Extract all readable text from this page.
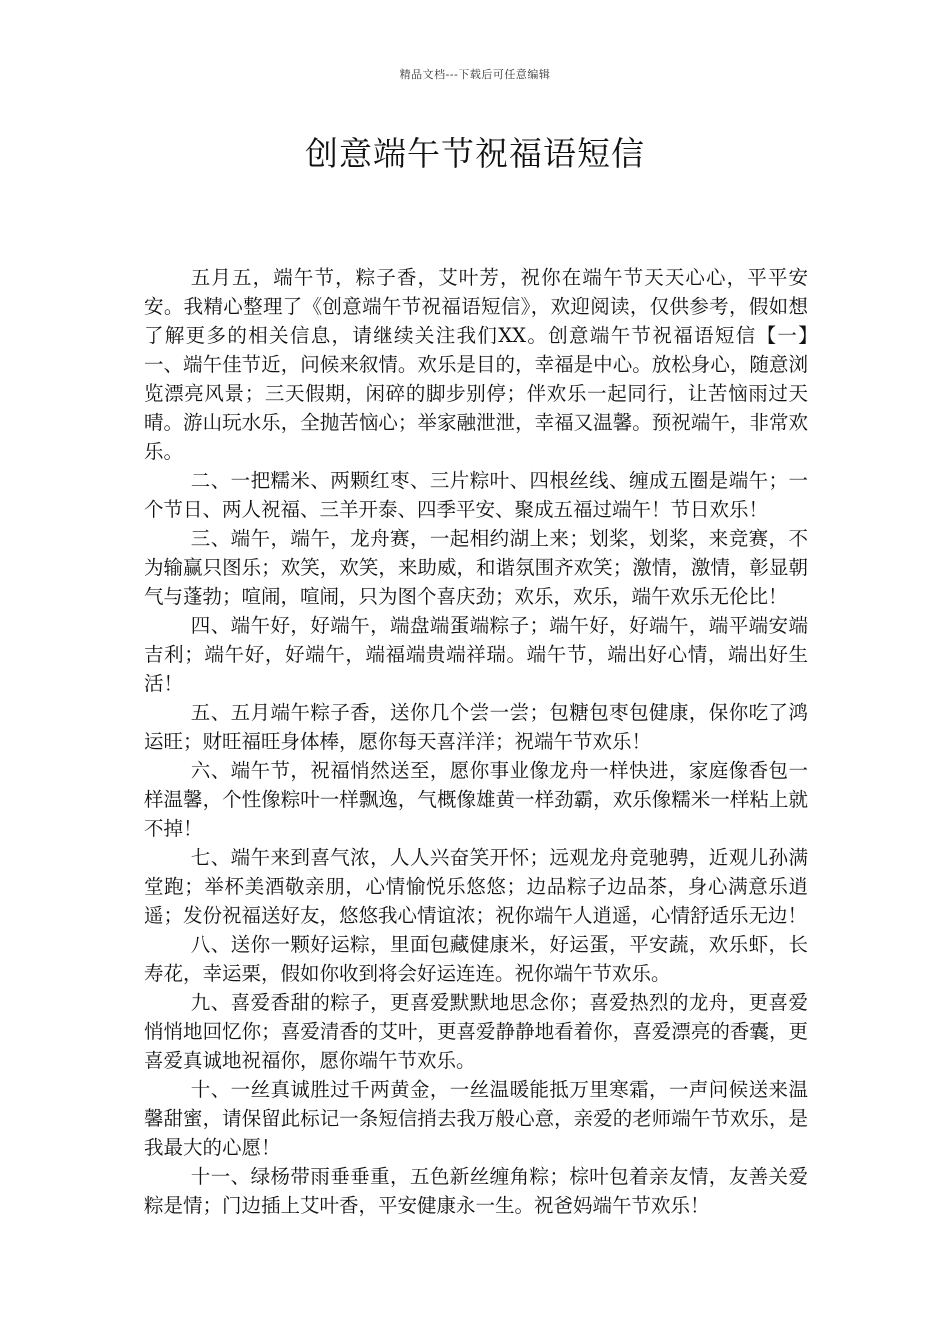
精品文档---下载后可任意编辑
创意端午节祝福语短信

五月五，端午节，粽子香，艾叶芳，祝你在端午节天天心心，平平安安。我精心整理了《创意端午节祝福语短信》，欢迎阅读，仅供参考，假如想了解更多的相关信息，请继续关注我们XX。创意端午节祝福语短信【一】　　一、端午佳节近，问候来叙情。欢乐是目的，幸福是中心。放松身心，随意浏览漂亮风景；三天假期，闲碎的脚步别停；伴欢乐一起同行，让苦恼雨过天晴。游山玩水乐，全抛苦恼心；举家融泄泄，幸福又温馨。预祝端午，非常欢乐。

二、一把糯米、两颗红枣、三片粽叶、四根丝线、缠成五圈是端午；一个节日、两人祝福、三羊开泰、四季平安、聚成五福过端午！节日欢乐！

三、端午，端午，龙舟赛，一起相约湖上来；划桨，划桨，来竞赛，不为输赢只图乐；欢笑，欢笑，来助威，和谐氛围齐欢笑；激情，激情，彰显朝气与蓬勃；喧闹，喧闹，只为图个喜庆劲；欢乐，欢乐，端午欢乐无伦比！

四、端午好，好端午，端盘端蛋端粽子；端午好，好端午，端平端安端吉利；端午好，好端午，端福端贵端祥瑞。端午节，端出好心情，端出好生活！

五、五月端午粽子香，送你几个尝一尝；包糖包枣包健康，保你吃了鸿运旺；财旺福旺身体棒，愿你每天喜洋洋；祝端午节欢乐！

六、端午节，祝福悄然送至，愿你事业像龙舟一样快进，家庭像香包一样温馨，个性像粽叶一样飘逸，气概像雄黄一样劲霸，欢乐像糯米一样粘上就不掉！

七、端午来到喜气浓，人人兴奋笑开怀；远观龙舟竞驰骋，近观儿孙满堂跑；举杯美酒敬亲朋，心情愉悦乐悠悠；边品粽子边品茶，身心满意乐逍遥；发份祝福送好友，悠悠我心情谊浓；祝你端午人逍遥，心情舒适乐无边！

八、送你一颗好运粽，里面包藏健康米，好运蛋，平安蔬，欢乐虾，长寿花，幸运栗，假如你收到将会好运连连。祝你端午节欢乐。

九、喜爱香甜的粽子，更喜爱默默地思念你；喜爱热烈的龙舟，更喜爱悄悄地回忆你；喜爱清香的艾叶，更喜爱静静地看着你，喜爱漂亮的香囊，更喜爱真诚地祝福你，愿你端午节欢乐。

十、一丝真诚胜过千两黄金，一丝温暖能抵万里寒霜，一声问候送来温馨甜蜜，请保留此标记一条短信捎去我万般心意，亲爱的老师端午节欢乐，是我最大的心愿！

十一、绿杨带雨垂垂重，五色新丝缠角粽；棕叶包着亲友情，友善关爱粽是情；门边插上艾叶香，平安健康永一生。祝爸妈端午节欢乐！
